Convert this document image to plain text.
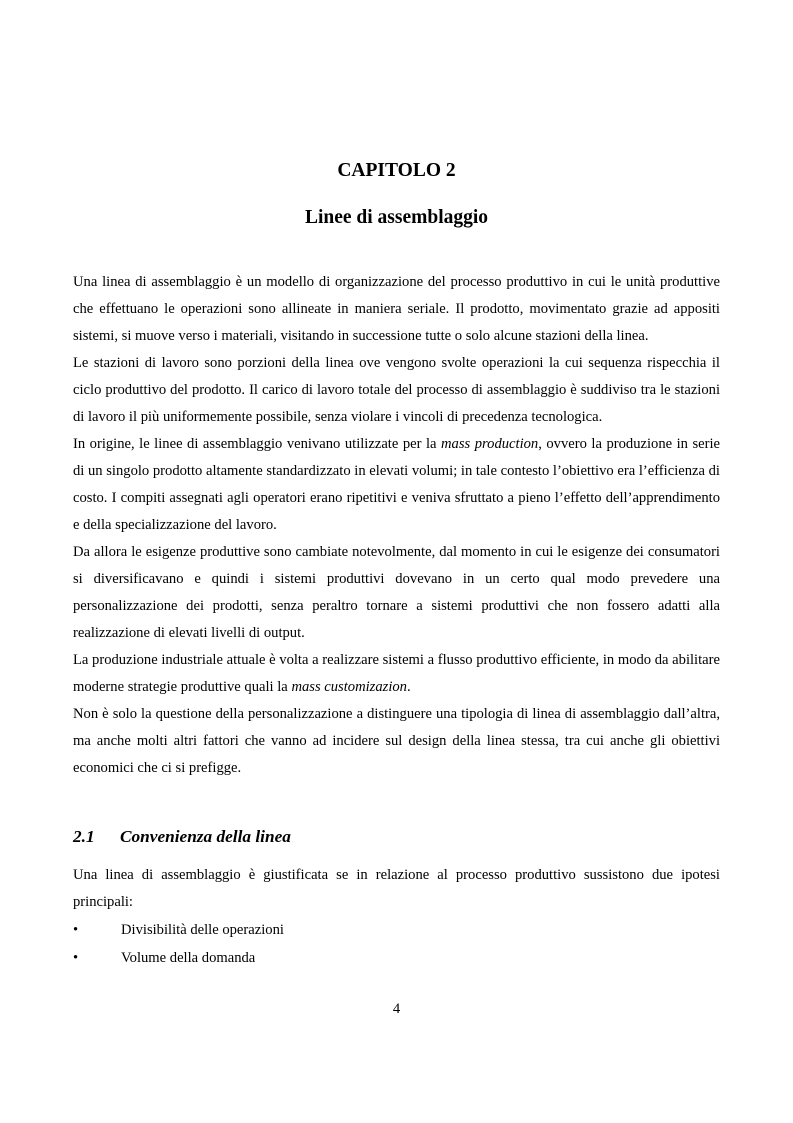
CAPITOLO 2
Linee di assemblaggio

Una linea di assemblaggio è un modello di organizzazione del processo produttivo in cui le unità produttive che effettuano le operazioni sono allineate in maniera seriale. Il prodotto, movimentato grazie ad appositi sistemi, si muove verso i materiali, visitando in successione tutte o solo alcune stazioni della linea.

Le stazioni di lavoro sono porzioni della linea ove vengono svolte operazioni la cui sequenza rispecchia il ciclo produttivo del prodotto. Il carico di lavoro totale del processo di assemblaggio è suddiviso tra le stazioni di lavoro il più uniformemente possibile, senza violare i vincoli di precedenza tecnologica.

In origine, le linee di assemblaggio venivano utilizzate per la mass production, ovvero la produzione in serie di un singolo prodotto altamente standardizzato in elevati volumi; in tale contesto l’obiettivo era l’efficienza di costo. I compiti assegnati agli operatori erano ripetitivi e veniva sfruttato a pieno l’effetto dell’apprendimento e della specializzazione del lavoro.

Da allora le esigenze produttive sono cambiate notevolmente, dal momento in cui le esigenze dei consumatori si diversificavano e quindi i sistemi produttivi dovevano in un certo qual modo prevedere una personalizzazione dei prodotti, senza peraltro tornare a sistemi produttivi che non fossero adatti alla realizzazione di elevati livelli di output.

La produzione industriale attuale è volta a realizzare sistemi a flusso produttivo efficiente, in modo da abilitare moderne strategie produttive quali la mass customizazion.

Non è solo la questione della personalizzazione a distinguere una tipologia di linea di assemblaggio dall’altra, ma anche molti altri fattori che vanno ad incidere sul design della linea stessa, tra cui anche gli obiettivi economici che ci si prefigge.

2.1 Convenienza della linea

Una linea di assemblaggio è giustificata se in relazione al processo produttivo sussistono due ipotesi principali:

•	Divisibilità delle operazioni
•	Volume della domanda
4
